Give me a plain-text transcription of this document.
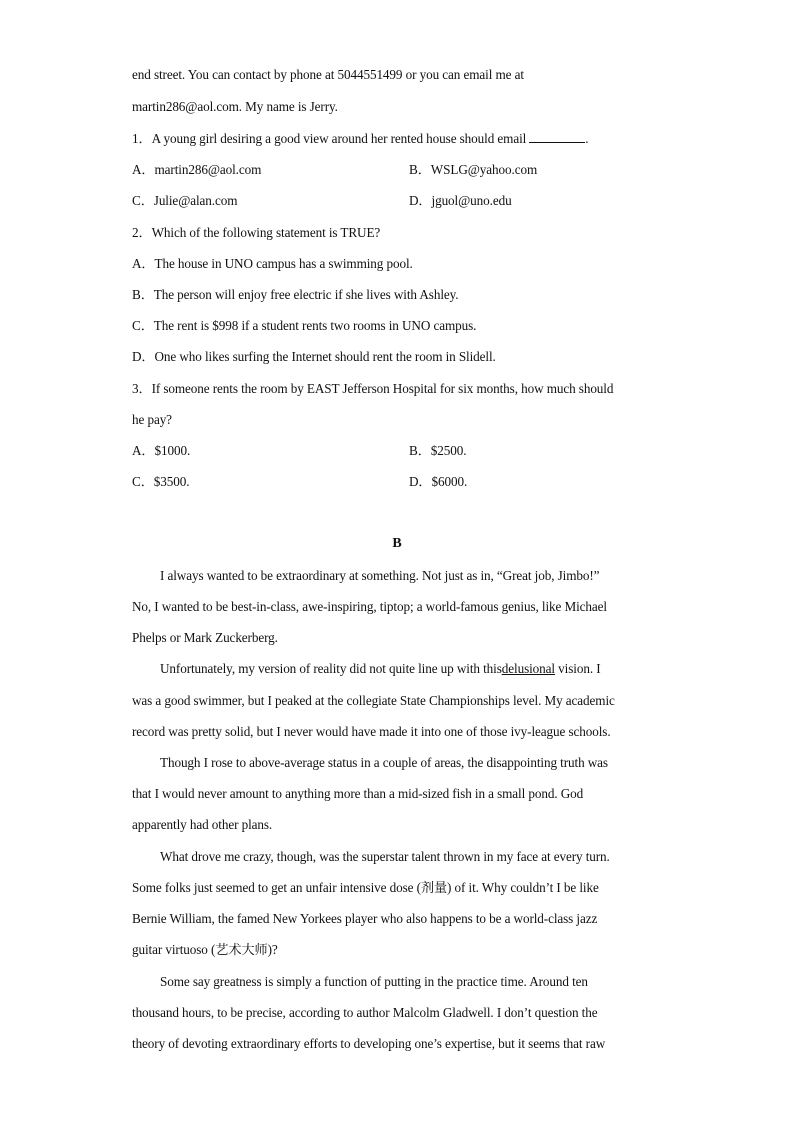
end street. You can contact by phone at 5044551499 or you can email me at
martin286@aol.com. My name is Jerry.
1．A young girl desiring a good view around her rented house should email	.
A．martin286@aol.com	B．WSLG@yahoo.com
C．Julie@alan.com	D．jguol@uno.edu
2．Which of the following statement is TRUE?
A．The house in UNO campus has a swimming pool.
B．The person will enjoy free electric if she lives with Ashley.
C．The rent is $998 if a student rents two rooms in UNO campus.
D．One who likes surfing the Internet should rent the room in Slidell.
3．If someone rents the room by EAST Jefferson Hospital for six months, how much should
he pay?
A．$1000.	B．$2500.
C．$3500.	D．$6000.
B
I always wanted to be extraordinary at something. Not just as in, “Great job, Jimbo!”
No, I wanted to be best-in-class, awe-inspiring, tiptop; a world-famous genius, like Michael
Phelps or Mark Zuckerberg.
Unfortunately, my version of reality did not quite line up with thisdelusional vision. I
was a good swimmer, but I peaked at the collegiate State Championships level. My academic
record was pretty solid, but I never would have made it into one of those ivy-league schools.
Though I rose to above-average status in a couple of areas, the disappointing truth was
that I would never amount to anything more than a mid-sized fish in a small pond. God
apparently had other plans.
What drove me crazy, though, was the superstar talent thrown in my face at every turn.
Some folks just seemed to get an unfair intensive dose (剂量) of it. Why couldn’t I be like
Bernie William, the famed New Yorkees player who also happens to be a world-class jazz
guitar virtuoso (艺术大师)?
Some say greatness is simply a function of putting in the practice time. Around ten
thousand hours, to be precise, according to author Malcolm Gladwell. I don’t question the
theory of devoting extraordinary efforts to developing one’s expertise, but it seems that raw
